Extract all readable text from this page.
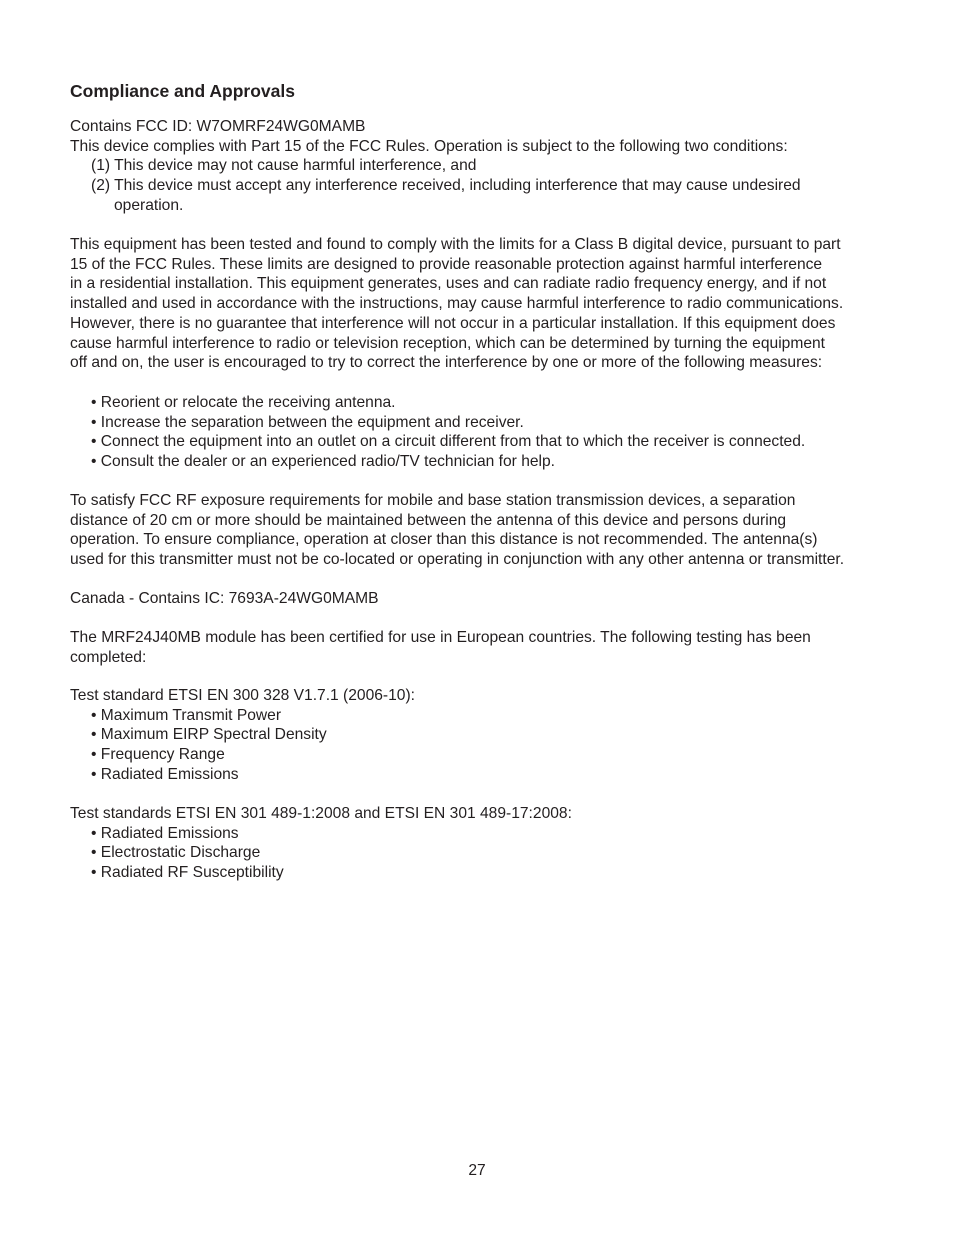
Compliance and Approvals
Contains FCC ID: W7OMRF24WG0MAMB
This device complies with Part 15 of the FCC Rules. Operation is subject to the following two conditions:
(1) This device may not cause harmful interference, and
(2) This device must accept any interference received, including interference that may cause undesired
operation.
This equipment has been tested and found to comply with the limits for a Class B digital device, pursuant to part
15 of the FCC Rules. These limits are designed to provide reasonable protection against harmful interference
in a residential installation. This equipment generates, uses and can radiate radio frequency energy, and if not
installed and used in accordance with the instructions, may cause harmful interference to radio communications.
However, there is no guarantee that interference will not occur in a particular installation. If this equipment does
cause harmful interference to radio or television reception, which can be determined by turning the equipment
off and on, the user is encouraged to try to correct the interference by one or more of the following measures:
• Reorient or relocate the receiving antenna.
• Increase the separation between the equipment and receiver.
• Connect the equipment into an outlet on a circuit different from that to which the receiver is connected.
• Consult the dealer or an experienced radio/TV technician for help.
To satisfy FCC RF exposure requirements for mobile and base station transmission devices, a separation
distance of 20 cm or more should be maintained between the antenna of this device and persons during
operation. To ensure compliance, operation at closer than this distance is not recommended. The antenna(s)
used for this transmitter must not be co-located or operating in conjunction with any other antenna or transmitter.
Canada - Contains IC: 7693A-24WG0MAMB
The MRF24J40MB module has been certified for use in European countries. The following testing has been
completed:
Test standard ETSI EN 300 328 V1.7.1 (2006-10):
• Maximum Transmit Power
• Maximum EIRP Spectral Density
• Frequency Range
• Radiated Emissions
Test standards ETSI EN 301 489-1:2008 and ETSI EN 301 489-17:2008:
• Radiated Emissions
• Electrostatic Discharge
• Radiated RF Susceptibility
27
